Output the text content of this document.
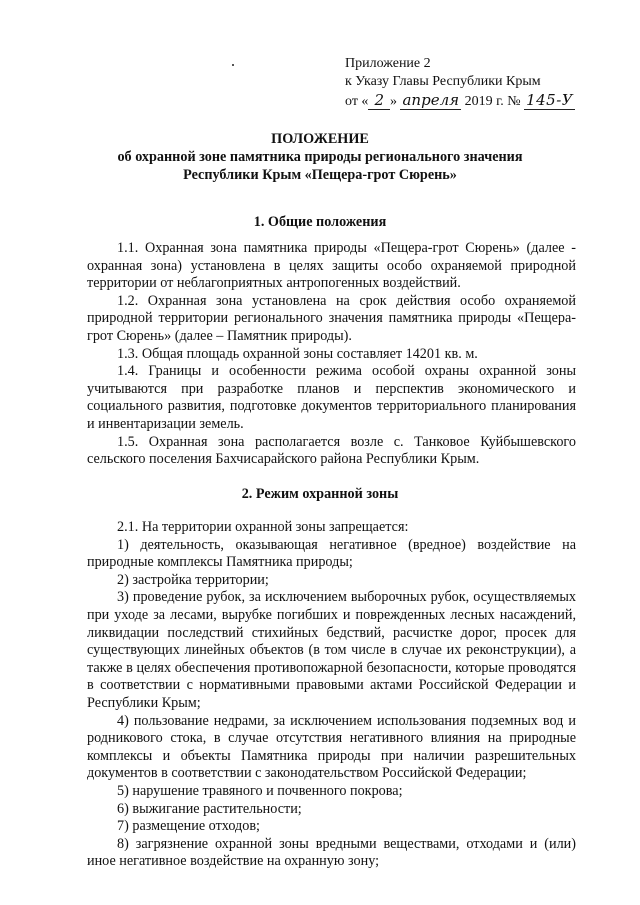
Приложение 2
к Указу Главы Республики Крым
от « 2 » апреля 2019 г. № 145-У
ПОЛОЖЕНИЕ
об охранной зоне памятника природы регионального значения
Республики Крым «Пещера-грот Сюрень»
1. Общие положения

1.1. Охранная зона памятника природы «Пещера-грот Сюрень» (далее - охранная зона) установлена в целях защиты особо охраняемой природной территории от неблагоприятных антропогенных воздействий.

1.2. Охранная зона установлена на срок действия особо охраняемой природной территории регионального значения памятника природы «Пещера-грот Сюрень» (далее – Памятник природы).

1.3. Общая площадь охранной зоны составляет 14201 кв. м.

1.4. Границы и особенности режима особой охраны охранной зоны учитываются при разработке планов и перспектив экономического и социального развития, подготовке документов территориального планирования и инвентаризации земель.

1.5. Охранная зона располагается возле с. Танковое Куйбышевского сельского поселения Бахчисарайского района Республики Крым.

2. Режим охранной зоны

2.1. На территории охранной зоны запрещается:

1) деятельность, оказывающая негативное (вредное) воздействие на природные комплексы Памятника природы;

2) застройка территории;

3) проведение рубок, за исключением выборочных рубок, осуществляемых при уходе за лесами, вырубке погибших и поврежденных лесных насаждений, ликвидации последствий стихийных бедствий, расчистке дорог, просек для существующих линейных объектов (в том числе в случае их реконструкции), а также в целях обеспечения противопожарной безопасности, которые проводятся в соответствии с нормативными правовыми актами Российской Федерации и Республики Крым;

4) пользование недрами, за исключением использования подземных вод и родникового стока, в случае отсутствия негативного влияния на природные комплексы и объекты Памятника природы при наличии разрешительных документов в соответствии с законодательством Российской Федерации;

5) нарушение травяного и почвенного покрова;

6) выжигание растительности;

7) размещение отходов;

8) загрязнение охранной зоны вредными веществами, отходами и (или) иное негативное воздействие на охранную зону;
